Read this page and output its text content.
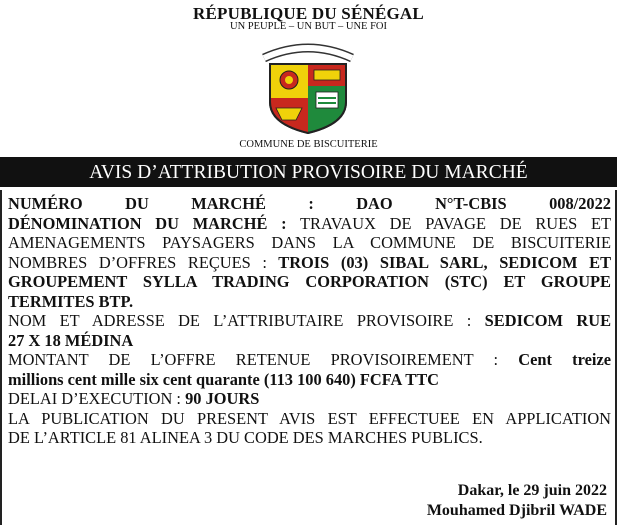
RÉPUBLIQUE DU SÉNÉGAL
UN PEUPLE – UN BUT – UNE FOI
COMMUNE DE BISCUITERIE
AVIS D’ATTRIBUTION PROVISOIRE DU MARCHÉ

NUMÉRO DU MARCHÉ : DAO N°T-CBIS 008/2022

DÉNOMINATION DU MARCHÉ : TRAVAUX DE PAVAGE DE RUES ET

AMENAGEMENTS PAYSAGERS DANS LA COMMUNE DE BISCUITERIE

NOMBRES D’OFFRES REÇUES : TROIS (03) SIBAL SARL, SEDICOM ET

GROUPEMENT SYLLA TRADING CORPORATION (STC) ET GROUPE

TERMITES BTP.

NOM ET ADRESSE DE L’ATTRIBUTAIRE PROVISOIRE : SEDICOM RUE

27 X 18 MÉDINA

MONTANT DE L’OFFRE RETENUE PROVISOIREMENT : Cent treize

millions cent mille six cent quarante (113 100 640) FCFA TTC

DELAI D’EXECUTION : 90 JOURS

LA PUBLICATION DU PRESENT AVIS EST EFFECTUEE EN APPLICATION

DE L’ARTICLE 81 ALINEA 3 DU CODE DES MARCHES PUBLICS.

Dakar, le 29 juin 2022
Mouhamed Djibril WADE
